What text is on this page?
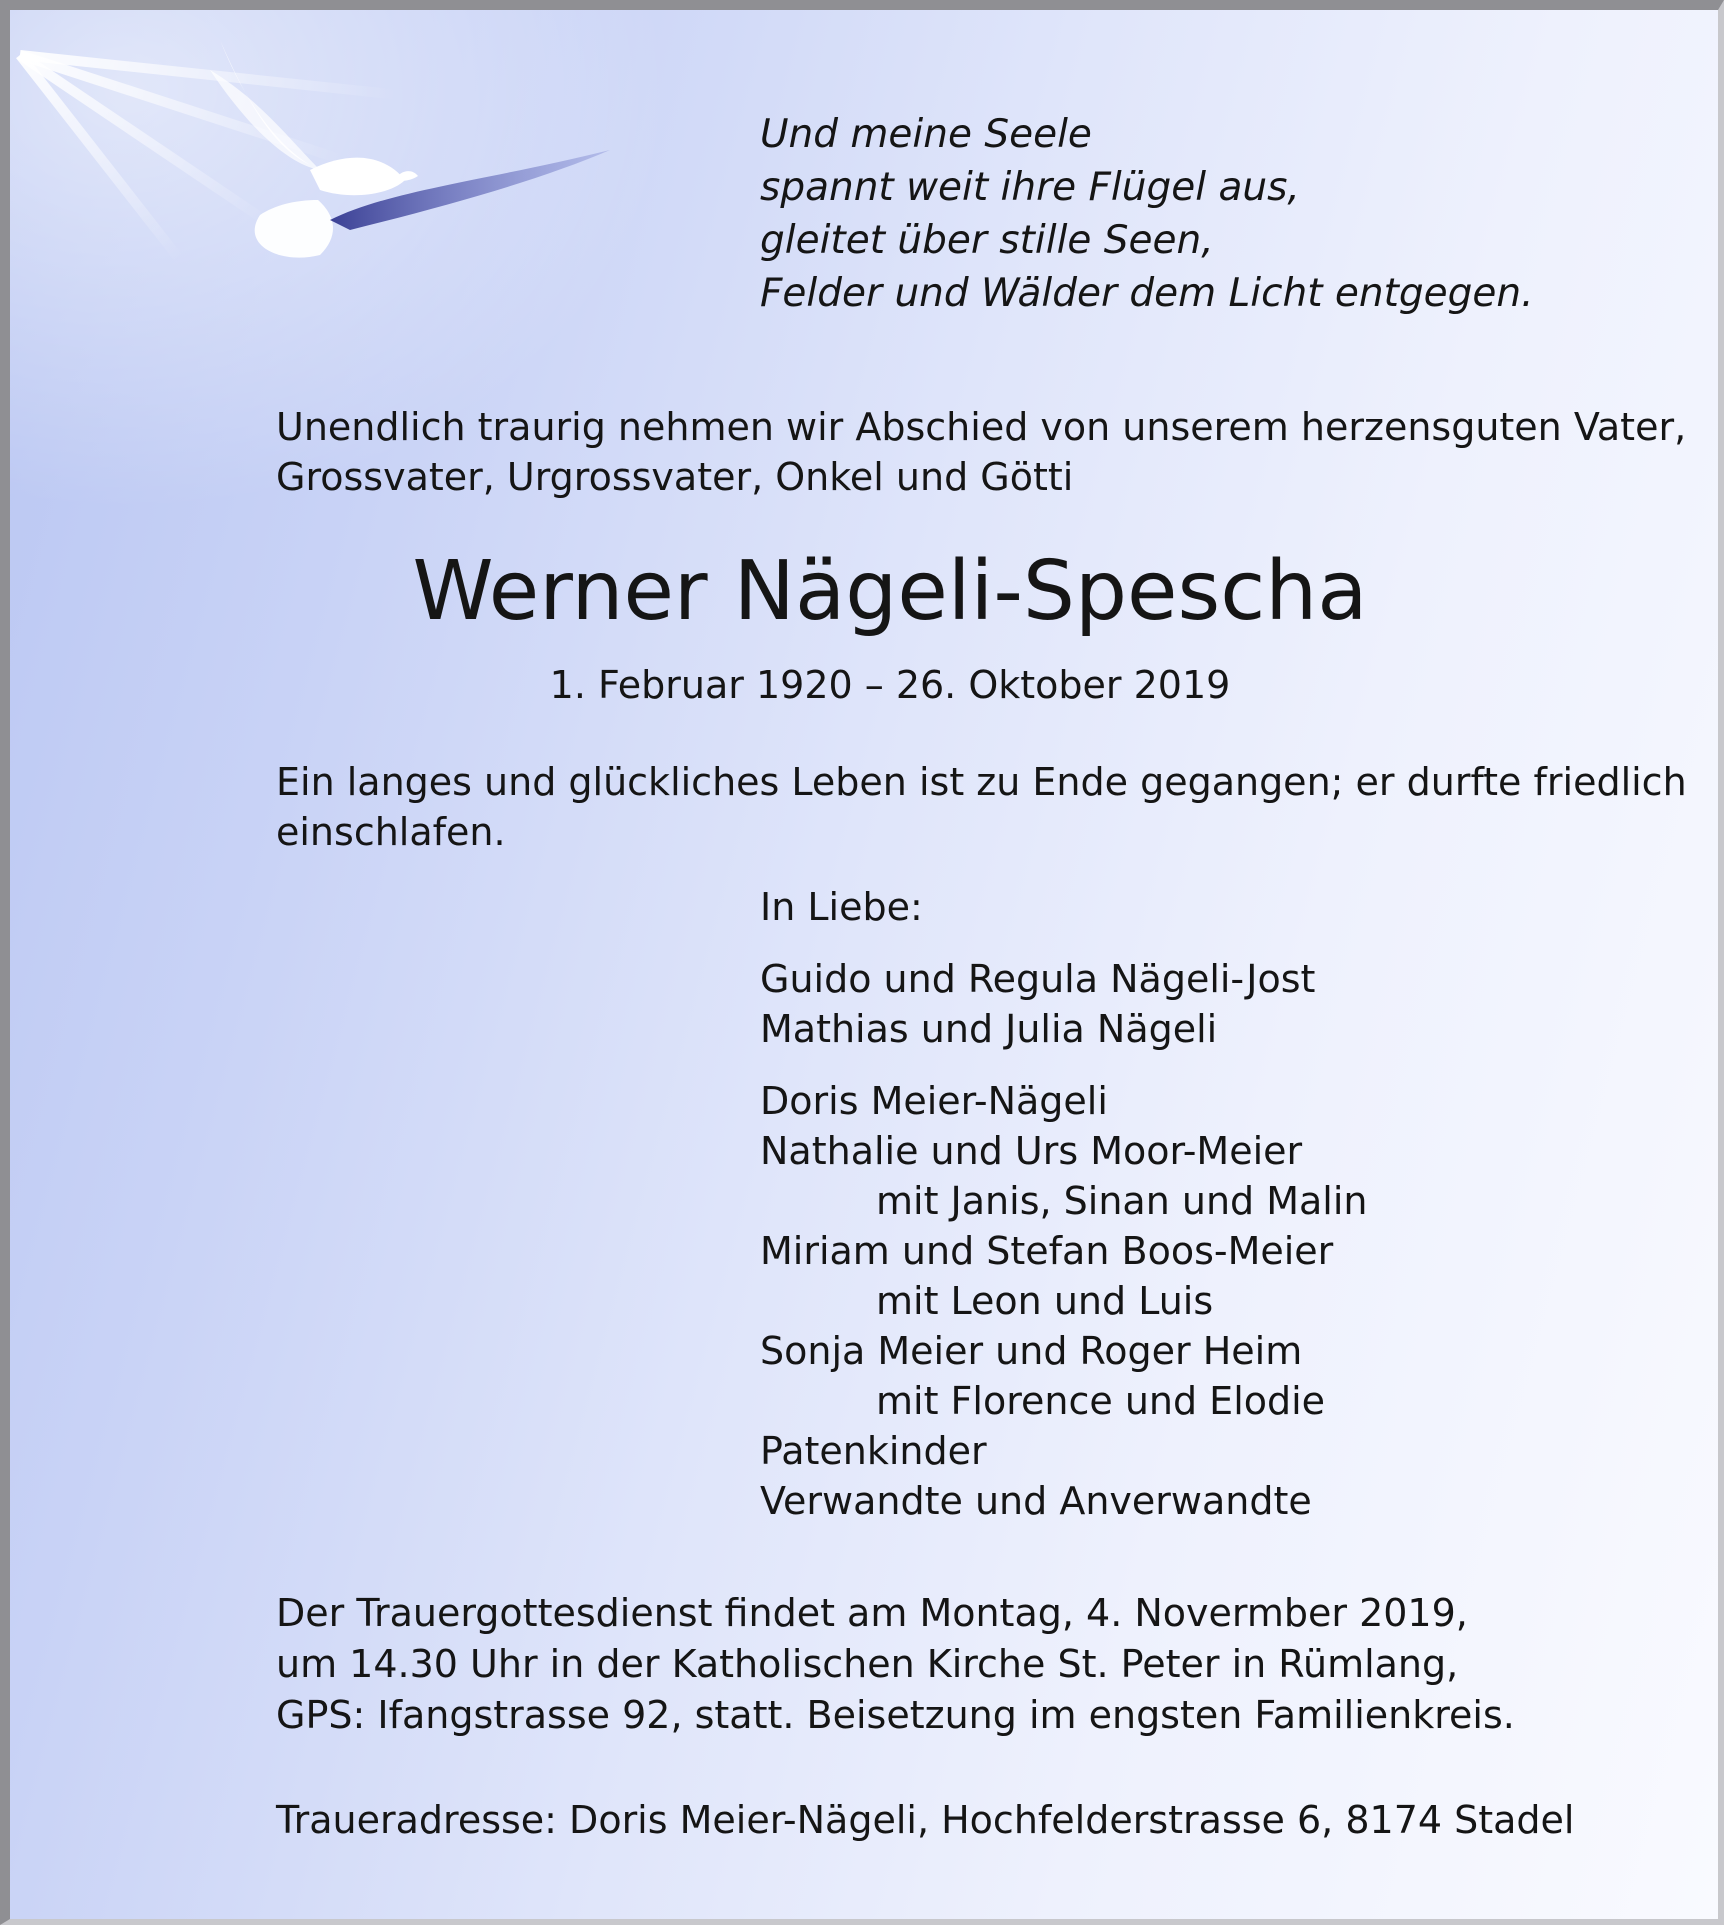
Und meine Seele
spannt weit ihre Flügel aus,
gleitet über stille Seen,
Felder und Wälder dem Licht entgegen.

Unendlich traurig nehmen wir Abschied von unserem herzensguten Vater,
Grossvater, Urgrossvater, Onkel und Götti

Werner Nägeli-Spescha

1. Februar 1920 – 26. Oktober 2019

Ein langes und glückliches Leben ist zu Ende gegangen; er durfte friedlich
einschlafen.

In Liebe:
Guido und Regula Nägeli-Jost
Mathias und Julia Nägeli
Doris Meier-Nägeli
Nathalie und Urs Moor-Meier
mit Janis, Sinan und Malin
Miriam und Stefan Boos-Meier
mit Leon und Luis
Sonja Meier und Roger Heim
mit Florence und Elodie
Patenkinder
Verwandte und Anverwandte

Der Trauergottesdienst findet am Montag, 4. Novermber 2019,
um 14.30 Uhr in der Katholischen Kirche St. Peter in Rümlang,
GPS: Ifangstrasse 92, statt. Beisetzung im engsten Familienkreis.

Traueradresse: Doris Meier-Nägeli, Hochfelderstrasse 6, 8174 Stadel
